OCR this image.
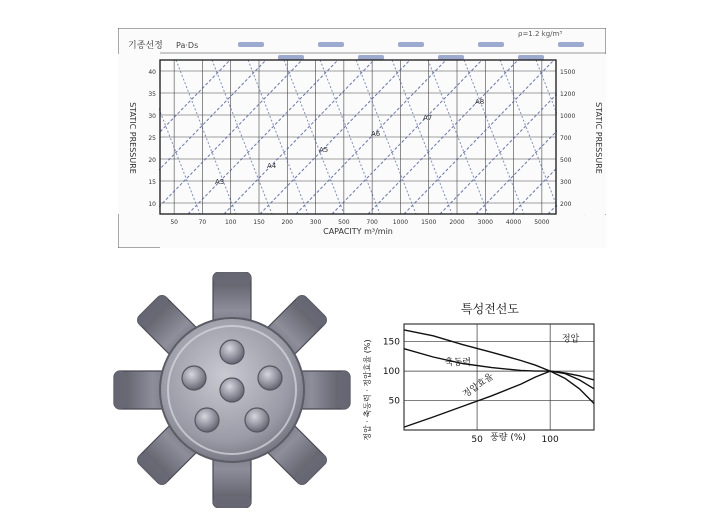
기종선정 Pa·Ds
ρ=1.2 kg/m³
40
35
30
25
20
15
10
1500
1200
1000
700
500
300
200
50	70	100	150	200	300	500	700 1000 1500 2000 3000 4000 5000
A3
A4
A5
A6
A7
A8
CAPACITY m³/min
STATIC PRESSURE	STATIC PRESSURE
특성전선도
50
100
150
50	100
정압
축동력
정압효율
풍량 (%)
정압 · 축동력 · 정압효율 (%)
